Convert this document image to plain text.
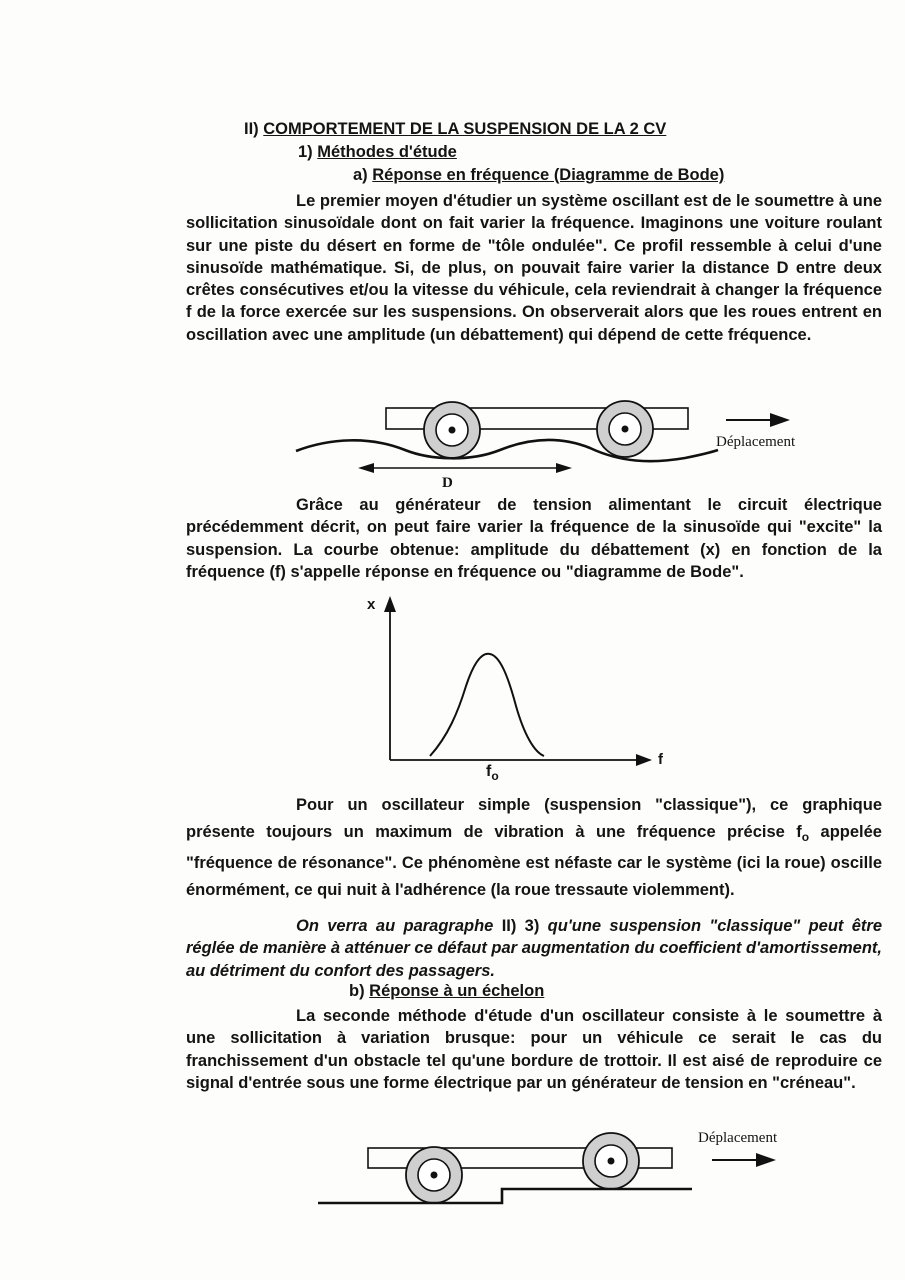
II) COMPORTEMENT DE LA SUSPENSION DE LA 2 CV
1) Méthodes d'étude
a) Réponse en fréquence (Diagramme de Bode)
Le premier moyen d'étudier un système oscillant est de le soumettre à une sollicitation sinusoïdale dont on fait varier la fréquence. Imaginons une voiture roulant sur une piste du désert en forme de "tôle ondulée". Ce profil ressemble à celui d'une sinusoïde mathématique. Si, de plus, on pouvait faire varier la distance D entre deux crêtes consécutives et/ou la vitesse du véhicule, cela reviendrait à changer la fréquence f de la force exercée sur les suspensions. On observerait alors que les roues entrent en oscillation avec une amplitude (un débattement) qui dépend de cette fréquence.
D
Déplacement
Grâce au générateur de tension alimentant le circuit électrique précédemment décrit, on peut faire varier la fréquence de la sinusoïde qui "excite" la suspension. La courbe obtenue: amplitude du débattement (x) en fonction de la fréquence (f) s'appelle réponse en fréquence ou "diagramme de Bode".
x
f
$f_o$
Pour un oscillateur simple (suspension "classique"), ce graphique présente toujours un maximum de vibration à une fréquence précise $f_o$ appelée "fréquence de résonance". Ce phénomène est néfaste car le système (ici la roue) oscille énormément, ce qui nuit à l'adhérence (la roue tressaute violemment).
On verra au paragraphe II) 3) qu'une suspension "classique" peut être réglée de manière à atténuer ce défaut par augmentation du coefficient d'amortissement, au détriment du confort des passagers.
b) Réponse à un échelon
La seconde méthode d'étude d'un oscillateur consiste à le soumettre à une sollicitation à variation brusque: pour un véhicule ce serait le cas du franchissement d'un obstacle tel qu'une bordure de trottoir. Il est aisé de reproduire ce signal d'entrée sous une forme électrique par un générateur de tension en "créneau".
Déplacement
